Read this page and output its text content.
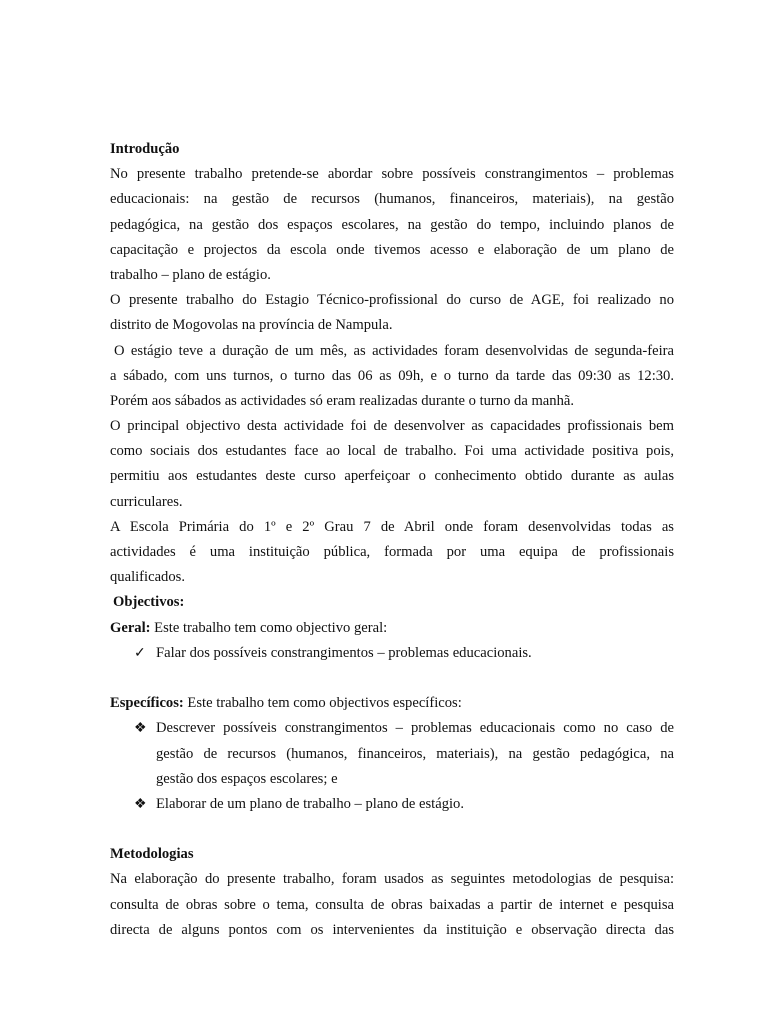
Introdução
No presente trabalho pretende-se abordar sobre possíveis constrangimentos – problemas
educacionais: na gestão de recursos (humanos, financeiros, materiais), na gestão
pedagógica, na gestão dos espaços escolares, na gestão do tempo, incluindo planos de
capacitação e projectos da escola onde tivemos acesso e elaboração de um plano de
trabalho – plano de estágio.
O presente trabalho do Estagio Técnico-profissional do curso de AGE, foi realizado no
distrito de Mogovolas na província de Nampula.
O estágio teve a duração de um mês, as actividades foram desenvolvidas de segunda-feira
a sábado, com uns turnos, o turno das 06 as 09h, e o turno da tarde das 09:30 as 12:30.
Porém aos sábados as actividades só eram realizadas durante o turno da manhã.
O principal objectivo desta actividade foi de desenvolver as capacidades profissionais bem
como sociais dos estudantes face ao local de trabalho. Foi uma actividade positiva pois,
permitiu aos estudantes deste curso aperfeiçoar o conhecimento obtido durante as aulas
curriculares.
A Escola Primária do 1º e 2º Grau 7 de Abril onde foram desenvolvidas todas as
actividades é uma instituição pública, formada por uma equipa de profissionais
qualificados.
Objectivos:
Geral: Este trabalho tem como objectivo geral:
✓ Falar dos possíveis constrangimentos – problemas educacionais.
Específicos: Este trabalho tem como objectivos específicos:
❖ Descrever possíveis constrangimentos – problemas educacionais como no caso de
gestão de recursos (humanos, financeiros, materiais), na gestão pedagógica, na
gestão dos espaços escolares; e
❖ Elaborar de um plano de trabalho – plano de estágio.
Metodologias
Na elaboração do presente trabalho, foram usados as seguintes metodologias de pesquisa:
consulta de obras sobre o tema, consulta de obras baixadas a partir de internet e pesquisa
directa de alguns pontos com os intervenientes da instituição e observação directa das
